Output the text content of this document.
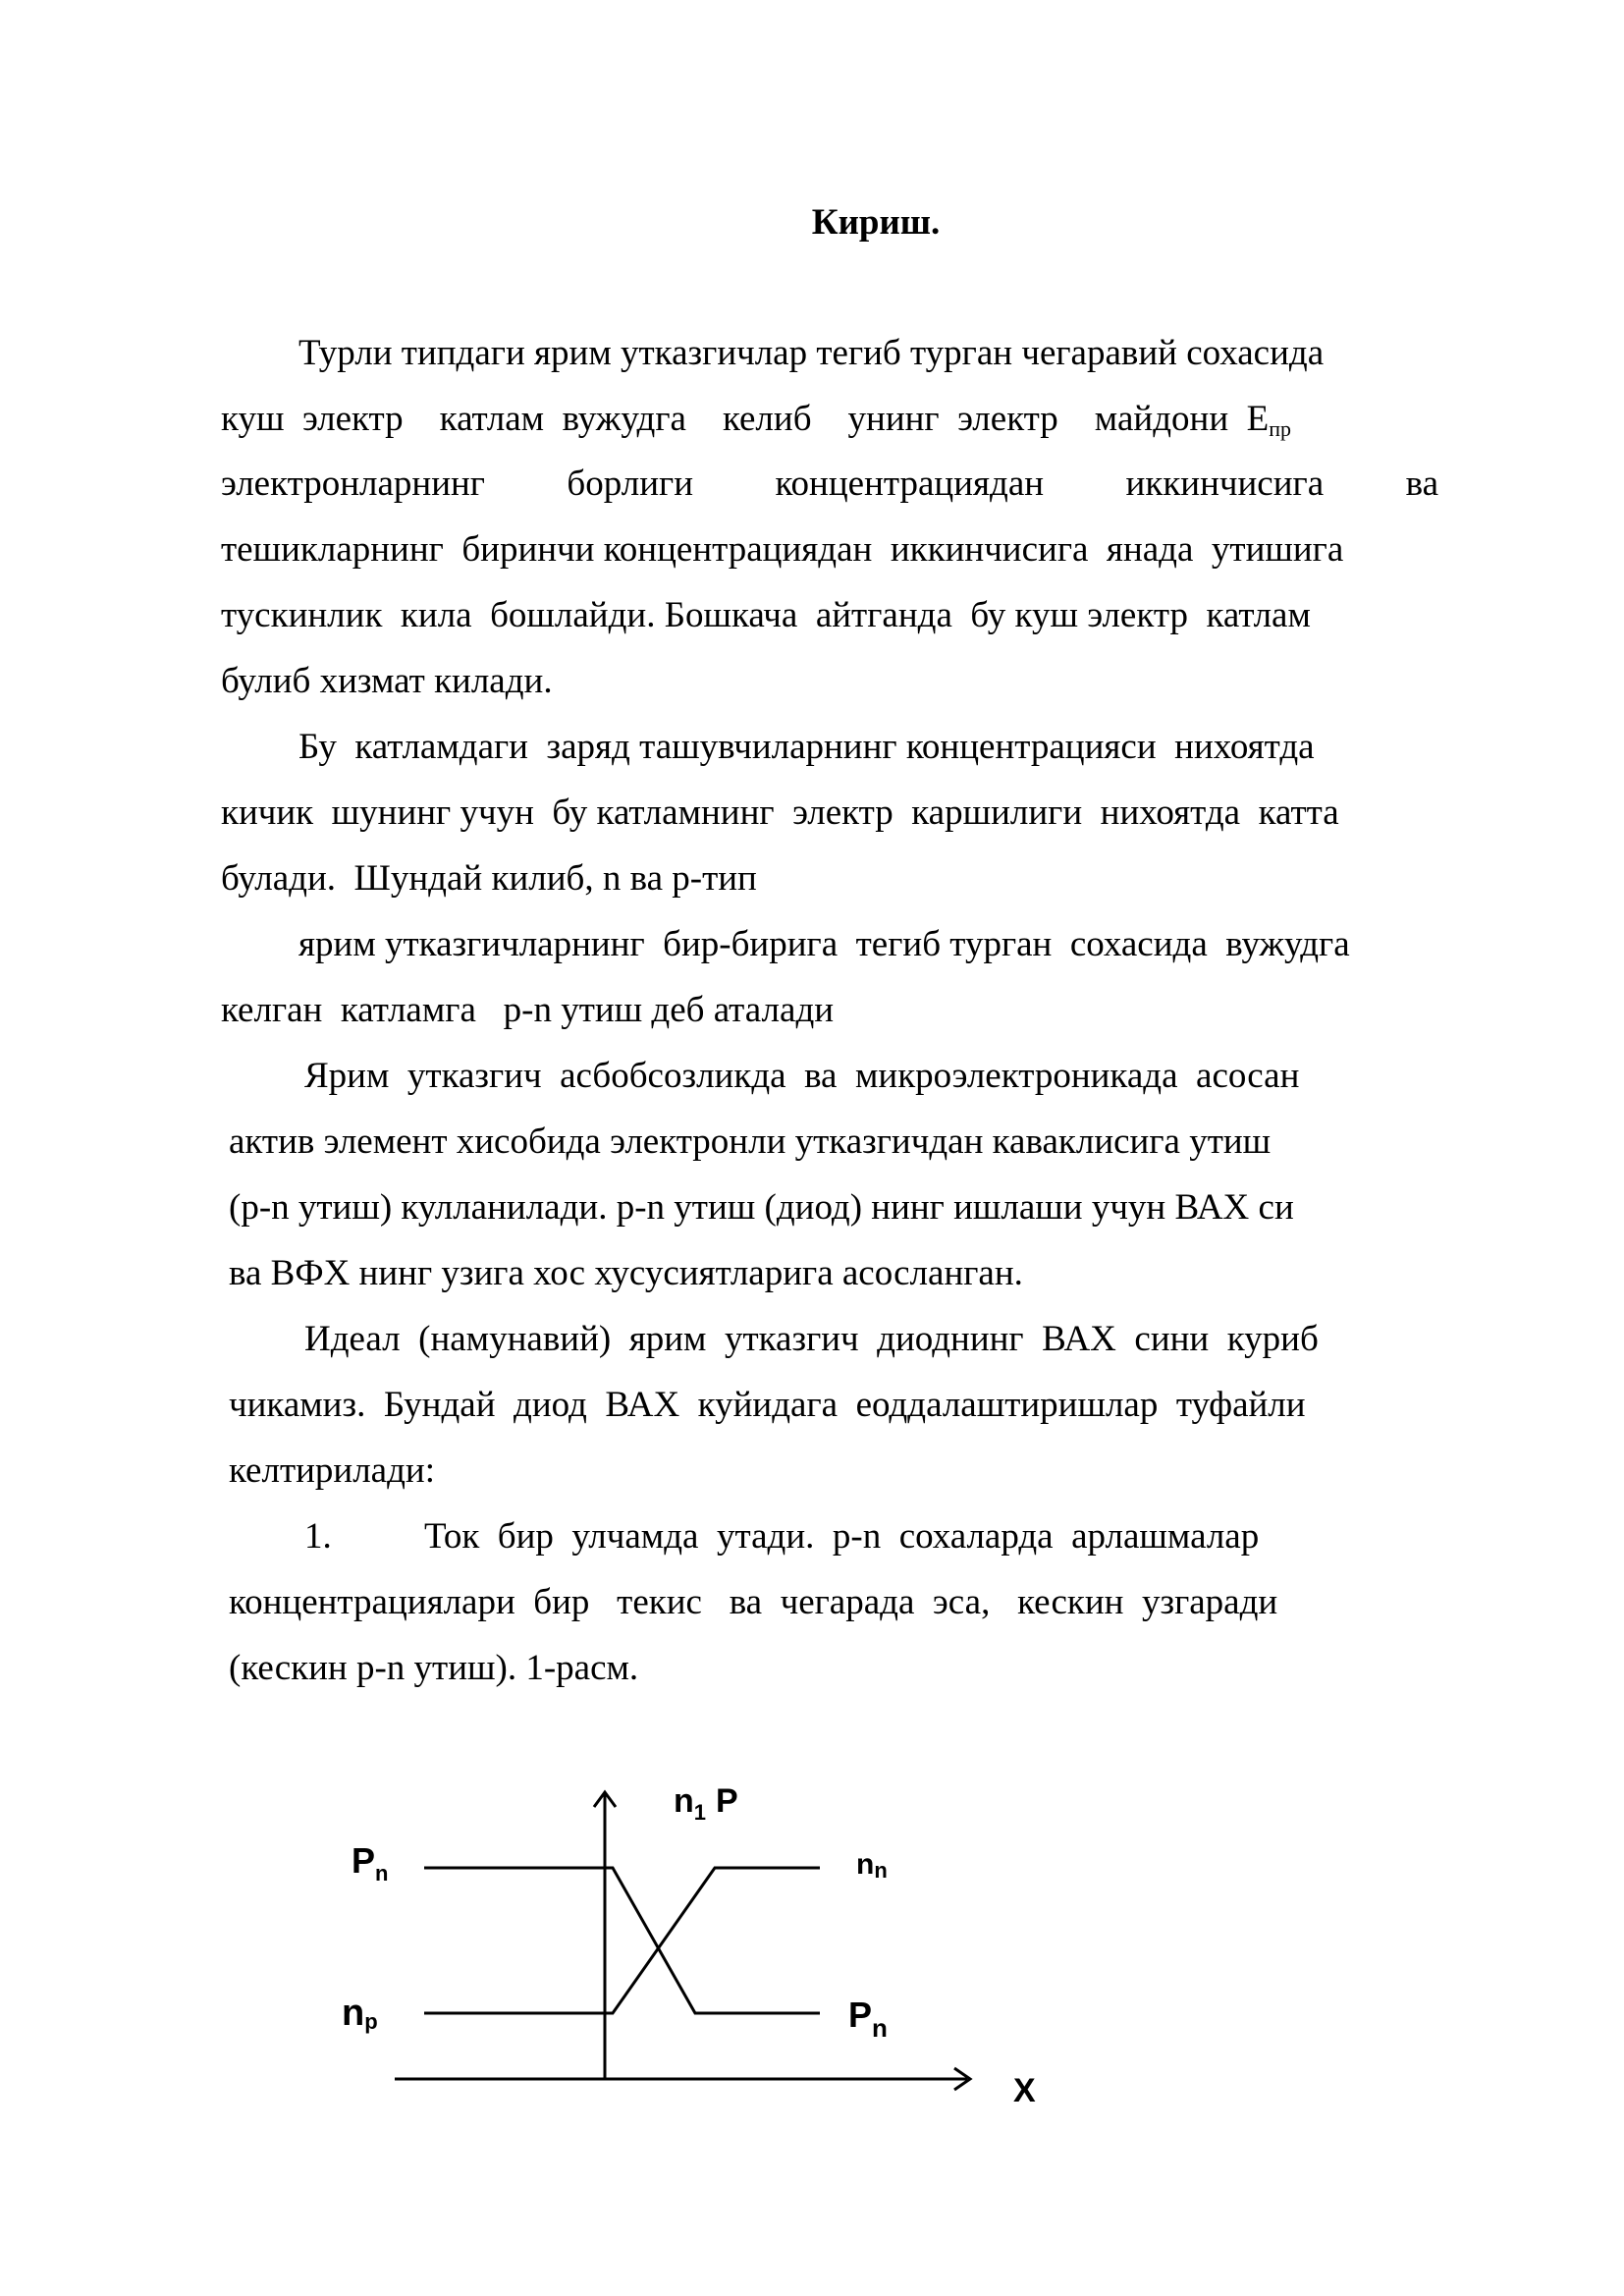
Кириш.
Турли типдаги ярим утказгичлар тегиб турган чегаравий сохасида
куш  электр    катлам  вужудга    келиб    унинг  электр    майдони  $E_{пр}$
электронларнинг борлиги концентрациядан иккинчисига ва
тешикларнинг  биринчи концентрациядан  иккинчисига  янада  утишига
тускинлик  кила  бошлайди. Бошкача  айтганда  бу куш электр  катлам
булиб хизмат килади.
Бу  катламдаги  заряд ташувчиларнинг концентрацияси  нихоятда
кичик  шунинг учун  бу катламнинг  электр  каршилиги  нихоятда  катта
булади.  Шундай килиб, n ва p-тип
ярим утказгичларнинг  бир-бирига  тегиб турган  сохасида  вужудга
келган  катламга   p-n утиш деб аталади
Ярим  утказгич  асбобсозликда  ва  микроэлектроникада  асосан
актив элемент хисобида электронли утказгичдан каваклисига утиш
(p-n утиш) кулланилади. p-n утиш (диод) нинг ишлаши учун ВАХ си
ва ВФХ нинг узига хос хусусиятларига асосланган.
Идеал  (намунавий)  ярим  утказгич  диоднинг  ВАХ  сини  куриб
чикамиз.  Бундай  диод  ВАХ  куйидага  еоддалаштиришлар  туфайли
келтирилади:
1.	Ток  бир  улчамда  утади.  p-n  сохаларда  арлашмалар
концентрациялари  бир   текис   ва  чегарада  эса,   кескин  узгаради
(кескин p-n утиш). 1-расм.
$n_1$ P
$P_n$
np
nn
$P_n$
X
